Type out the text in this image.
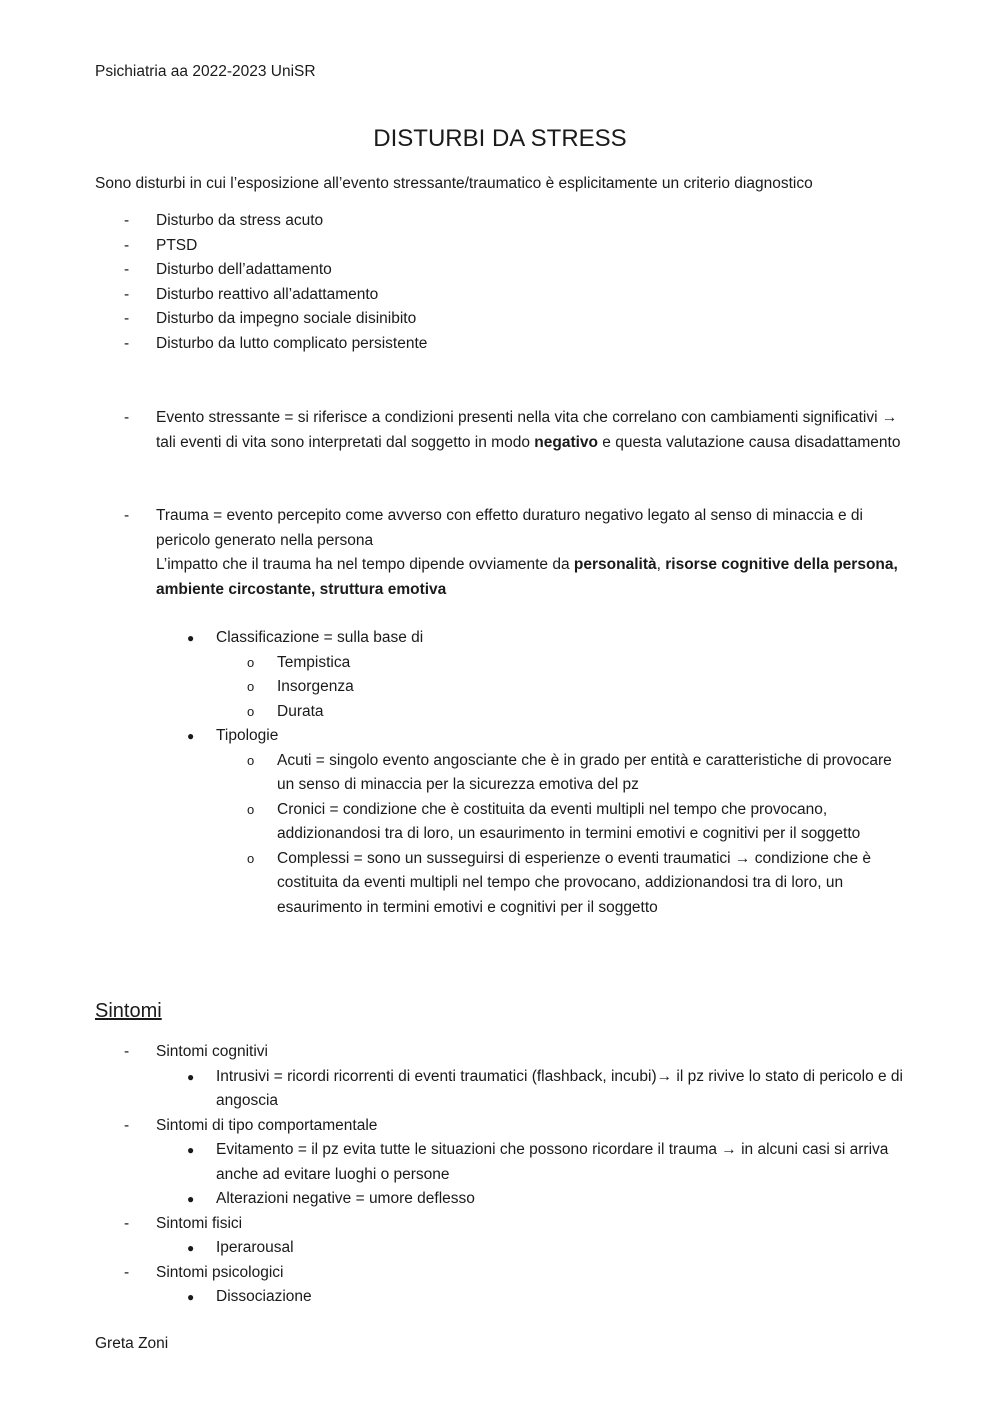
Psichiatria aa 2022-2023 UniSR
DISTURBI DA STRESS
Sono disturbi in cui l’esposizione all’evento stressante/traumatico è esplicitamente un criterio diagnostico
- Disturbo da stress acuto
- PTSD
- Disturbo dell’adattamento
- Disturbo reattivo all’adattamento
- Disturbo da impegno sociale disinibito
- Disturbo da lutto complicato persistente
- Evento stressante = si riferisce a condizioni presenti nella vita che correlano con cambiamenti significativi → tali eventi di vita sono interpretati dal soggetto in modo negativo e questa valutazione causa disadattamento
- Trauma = evento percepito come avverso con effetto duraturo negativo legato al senso di minaccia e di pericolo generato nella persona
L’impatto che il trauma ha nel tempo dipende ovviamente da personalità, risorse cognitive della persona, ambiente circostante, struttura emotiva
● Classificazione = sulla base di
o Tempistica
o Insorgenza
o Durata
● Tipologie
o Acuti = singolo evento angosciante che è in grado per entità e caratteristiche di provocare un senso di minaccia per la sicurezza emotiva del pz
o Cronici = condizione che è costituita da eventi multipli nel tempo che provocano, addizionandosi tra di loro, un esaurimento in termini emotivi e cognitivi per il soggetto
o Complessi = sono un susseguirsi di esperienze o eventi traumatici → condizione che è costituita da eventi multipli nel tempo che provocano, addizionandosi tra di loro, un esaurimento in termini emotivi e cognitivi per il soggetto
Sintomi
- Sintomi cognitivi
● Intrusivi = ricordi ricorrenti di eventi traumatici (flashback, incubi)→ il pz rivive lo stato di pericolo e di angoscia
- Sintomi di tipo comportamentale
● Evitamento = il pz evita tutte le situazioni che possono ricordare il trauma → in alcuni casi si arriva anche ad evitare luoghi o persone
● Alterazioni negative = umore deflesso
- Sintomi fisici
● Iperarousal
- Sintomi psicologici
● Dissociazione
Greta Zoni
